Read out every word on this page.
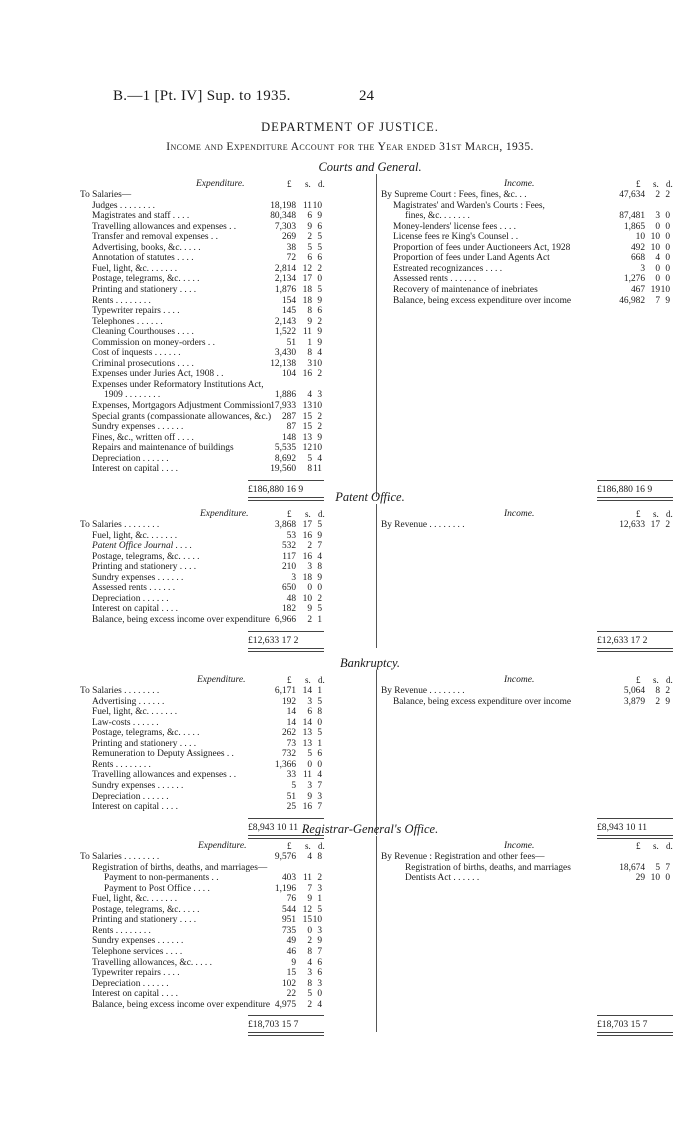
B.—1 [Pt. IV] Sup. to 1935.	24
DEPARTMENT OF JUSTICE.
Income and Expenditure Account for the Year ended 31st March, 1935.
Courts and General.
Expenditure.	Income.
£ s. d.	£ s. d.
To Salaries—
Judges . . . . . . . .	18,198 11 10
Magistrates and staff . . . .	80,348	6 9
Travelling allowances and expenses . .	7,303	9 6
Transfer and removal expenses . .	269	2 5
Advertising, books, &c. . . . .	38	5 5
Annotation of statutes . . . .	72	6 6
Fuel, light, &c. . . . . . .	2,814 12 2
Postage, telegrams, &c. . . . .	2,134 17 0
Printing and stationery . . . .	1,876 18 5
Rents . . . . . . . .	154 18 9
Typewriter repairs . . . .	145	8 6
Telephones . . . . . .	2,143	9 2
Cleaning Courthouses . . . .	1,522 11 9
Commission on money-orders . .	51	1 9
Cost of inquests . . . . . .	3,430	8 4
Criminal prosecutions . . . .	12,138	3 10
Expenses under Juries Act, 1908 . .	104 16 2
Expenses under Reformatory Institutions Act,
1909 . . . . . . . .	1,886	4 3
Expenses, Mortgagors Adjustment Commission 17,933 13 10
Special grants (compassionate allowances, &c.)	287 15 2
Sundry expenses . . . . . .	87 15 2
Fines, &c., written off . . . .	148 13 9
Repairs and maintenance of buildings	5,535 12 10
Depreciation . . . . . .	8,692	5 4
Interest on capital . . . .	19,560	8 11
By Supreme Court : Fees, fines, &c. . .	47,634	2 2
Magistrates' and Warden's Courts : Fees,
fines, &c. . . . . . .	87,481	3 0
Money-lenders' license fees . . . .	1,865	0 0
License fees re King's Counsel . .	10 10 0
Proportion of fees under Auctioneers Act, 1928	492 10 0
Proportion of fees under Land Agents Act	668	4 0
Estreated recognizances . . . .	3	0 0
Assessed rents . . . . . .	1,276	0 0
Recovery of maintenance of inebriates	467 19 10
Balance, being excess expenditure over income	46,982	7 9
£186,880 16 9	£186,880 16 9
Patent Office.
Expenditure.	Income.
£ s. d.	£ s. d.
To Salaries . . . . . . . .	3,868 17 5
Fuel, light, &c. . . . . . .	53 16 9
Patent Office Journal . . . .	532	2 7
Postage, telegrams, &c. . . . .	117 16 4
Printing and stationery . . . .	210	3 8
Sundry expenses . . . . . .	3 18 9
Assessed rents . . . . . .	650	0 0
Depreciation . . . . . .	48 10 2
Interest on capital . . . .	182	9 5
Balance, being excess income over expenditure 6,966	2 1
By Revenue . . . . . . . .	12,633 17 2
£12,633 17 2	£12,633 17 2
Bankruptcy.
Expenditure.	Income.
£ s. d.	£ s. d.
To Salaries . . . . . . . .	6,171 14 1
Advertising . . . . . .	192	3 5
Fuel, light, &c. . . . . . .	14	6 8
Law-costs . . . . . .	14 14 0
Postage, telegrams, &c. . . . .	262 13 5
Printing and stationery . . . .	73 13 1
Remuneration to Deputy Assignees . .	732	5 6
Rents . . . . . . . .	1,366	0 0
Travelling allowances and expenses . .	33 11 4
Sundry expenses . . . . . .	5	3 7
Depreciation . . . . . .	51	9 3
Interest on capital . . . .	25 16 7
By Revenue . . . . . . . .	5,064	8 2
Balance, being excess expenditure over income	3,879	2 9
£8,943 10 11	£8,943 10 11
Registrar-General's Office.
Expenditure.	Income.
£ s. d.	£ s. d.
To Salaries . . . . . . . .	9,576	4 8
Registration of births, deaths, and marriages—
Payment to non-permanents . .	403 11 2
Payment to Post Office . . . .	1,196	7 3
Fuel, light, &c. . . . . . .	76	9 1
Postage, telegrams, &c. . . . .	544 12 5
Printing and stationery . . . .	951 15 10
Rents . . . . . . . .	735	0 3
Sundry expenses . . . . . .	49	2 9
Telephone services . . . .	46	8 7
Travelling allowances, &c. . . . .	9	4 6
Typewriter repairs . . . .	15	3 6
Depreciation . . . . . .	102	8 3
Interest on capital . . . .	22	5 0
Balance, being excess income over expenditure 4,975	2 4
By Revenue : Registration and other fees—
Registration of births, deaths, and marriages	18,674	5 7
Dentists Act . . . . . .	29 10 0
£18,703 15 7	£18,703 15 7
